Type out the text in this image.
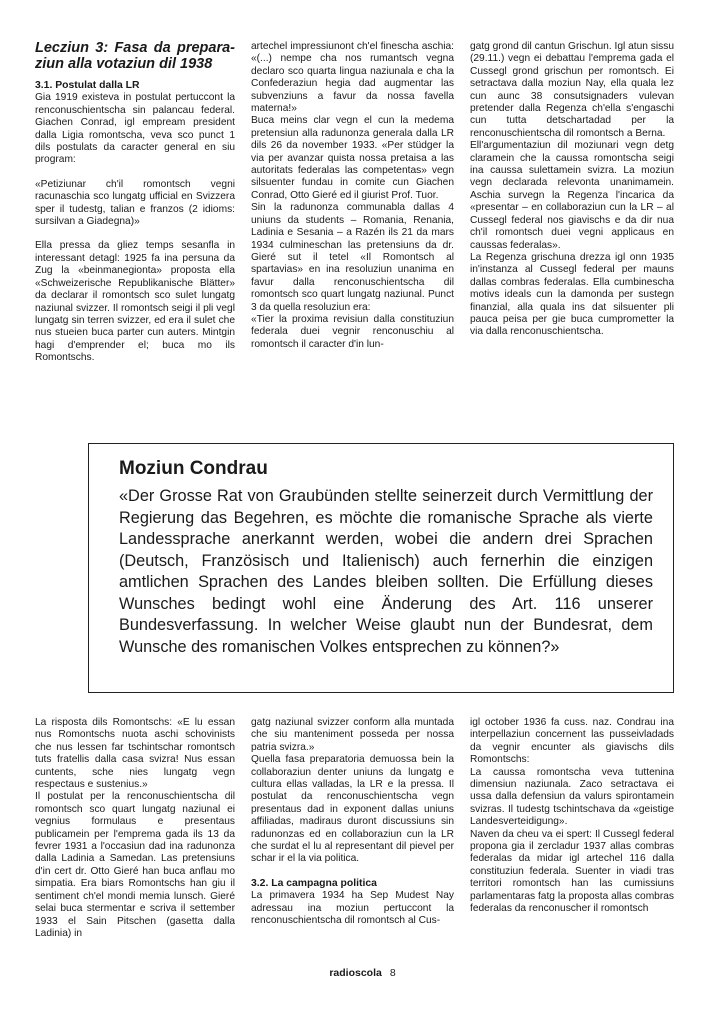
Lecziun 3: Fasa da prepara-ziun alla votaziun dil 1938
3.1. Postulat dalla LR

Gia 1919 existeva in postulat pertuccont la renconuschientscha sin palancau federal. Giachen Conrad, igl empream president dalla Ligia romontscha, veva sco punct 1 dils postulats da caracter general en siu program:

«Petiziunar ch'il romontsch vegni racunaschia sco lungatg ufficial en Svizzera sper il tudestg, talian e franzos (2 idioms: sursilvan a Giadegna)»

Ella pressa da gliez temps sesanfla in interessant detagl: 1925 fa ina persuna da Zug la «beinmanegionta» proposta ella «Schweizerische Republikanische Blätter» da declarar il romontsch sco sulet lungatg naziunal svizzer. Il romontsch seigi il pli vegl lungatg sin terren svizzer, ed era il sulet che nus stueien buca parter cun auters. Mintgin hagi d'emprender el; buca mo ils Romontschs.

artechel impressiunont ch'el finescha aschia: «(...) nempe cha nos rumantsch vegna declaro sco quarta lingua naziunala e cha la Confederaziun hegia dad augmentar las subvenziuns a favur da nossa favella materna!»

Buca meins clar vegn el cun la medema pretensiun alla radunonza generala dalla LR dils 26 da november 1933. «Per stüdger la via per avanzar quista nossa pretaisa a las autoritats federalas las competentas» vegn silsuenter fundau in comite cun Giachen Conrad, Otto Gieré ed il giurist Prof. Tuor.

Sin la radunonza communabla dallas 4 uniuns da students – Romania, Renania, Ladinia e Sesania – a Razén ils 21 da mars 1934 culmineschan las pretensiuns da dr. Gieré sut il tetel «Il Romontsch al spartavias» en ina resoluziun unanima en favur dalla renconuschientscha dil romontsch sco quart lungatg naziunal. Punct 3 da quella resoluziun era:

«Tier la proxima revisiun dalla constituziun federala duei vegnir renconuschiu al romontsch il caracter d'in lun-

gatg grond dil cantun Grischun. Igl atun sissu (29.11.) vegn ei debattau l'emprema gada el Cussegl grond grischun per romontsch. Ei setractava dalla moziun Nay, ella quala lez cun aunc 38 consutsignaders vulevan pretender dalla Regenza ch'ella s'engaschi cun tutta detschartadad per la renconuschientscha dil romontsch a Berna.

Ell'argumentaziun dil moziunari vegn detg claramein che la caussa romontscha seigi ina caussa sulettamein svizra. La moziun vegn declarada relevonta unanimamein. Aschia survegn la Regenza l'incarica da «presentar – en collaboraziun cun la LR – al Cussegl federal nos giavischs e da dir nua ch'il romontsch duei vegni applicaus en caussas federalas».

La Regenza grischuna drezza igl onn 1935 in'instanza al Cussegl federal per mauns dallas combras federalas. Ella cumbinescha motivs ideals cun la damonda per sustegn finanzial, alla quala ins dat silsuenter pli pauca peisa per gie buca cumprometter la via dalla renconuschientscha.

Moziun Condrau

«Der Grosse Rat von Graubünden stellte seinerzeit durch Vermittlung der Regierung das Begehren, es möchte die romanische Sprache als vierte Landessprache anerkannt werden, wobei die andern drei Sprachen (Deutsch, Französisch und Italienisch) auch fernerhin die einzigen amtlichen Sprachen des Landes bleiben sollten. Die Erfüllung dieses Wunsches bedingt wohl eine Änderung des Art. 116 unserer Bundesverfassung. In welcher Weise glaubt nun der Bundesrat, dem Wunsche des romanischen Volkes entsprechen zu können?»

La risposta dils Romontschs: «E lu essan nus Romontschs nuota aschi schovinists che nus lessen far tschintschar romontsch tuts fratellis dalla casa svizra! Nus essan cuntents, sche nies lungatg vegn respectaus e sustenius.»

Il postulat per la renconuschientscha dil romontsch sco quart lungatg naziunal ei vegnius formulaus e presentaus publicamein per l'emprema gada ils 13 da fevrer 1931 a l'occasiun dad ina radunonza dalla Ladinia a Samedan. Las pretensiuns d'in cert dr. Otto Gieré han buca anflau mo simpatia. Era biars Romontschs han giu il sentiment ch'el mondi memia lunsch. Gieré selai buca stermentar e scriva il settember 1933 el Sain Pitschen (gasetta dalla Ladinia) in

gatg naziunal svizzer conform alla muntada che siu manteniment posseda per nossa patria svizra.»

Quella fasa preparatoria demuossa bein la collaboraziun denter uniuns da lungatg e cultura ellas valladas, la LR e la pressa. Il postulat da renconuschientscha vegn presentaus dad in exponent dallas uniuns affiliadas, madiraus duront discussiuns sin radunonzas ed en collaboraziun cun la LR che surdat el lu al representant dil pievel per schar ir el la via politica.

3.2. La campagna politica

La primavera 1934 ha Sep Mudest Nay adressau ina moziun pertuccont la renconuschientscha dil romontsch al Cus-

igl october 1936 fa cuss. naz. Condrau ina interpellaziun concernent las pusseivladads da vegnir encunter als giavischs dils Romontschs:

La caussa romontscha veva tuttenina dimensiun naziunala. Zaco setractava ei ussa dalla defensiun da valurs spirontamein svizras. Il tudestg tschintschava da «geistige Landesverteidigung».

Naven da cheu va ei spert: Il Cussegl federal propona gia il zercladur 1937 allas combras federalas da midar igl artechel 116 dalla constituziun federala. Suenter in viadi tras territori romontsch han las cumissiuns parlamentaras fatg la proposta allas combras federalas da renconuscher il romontsch

radioscola 8
